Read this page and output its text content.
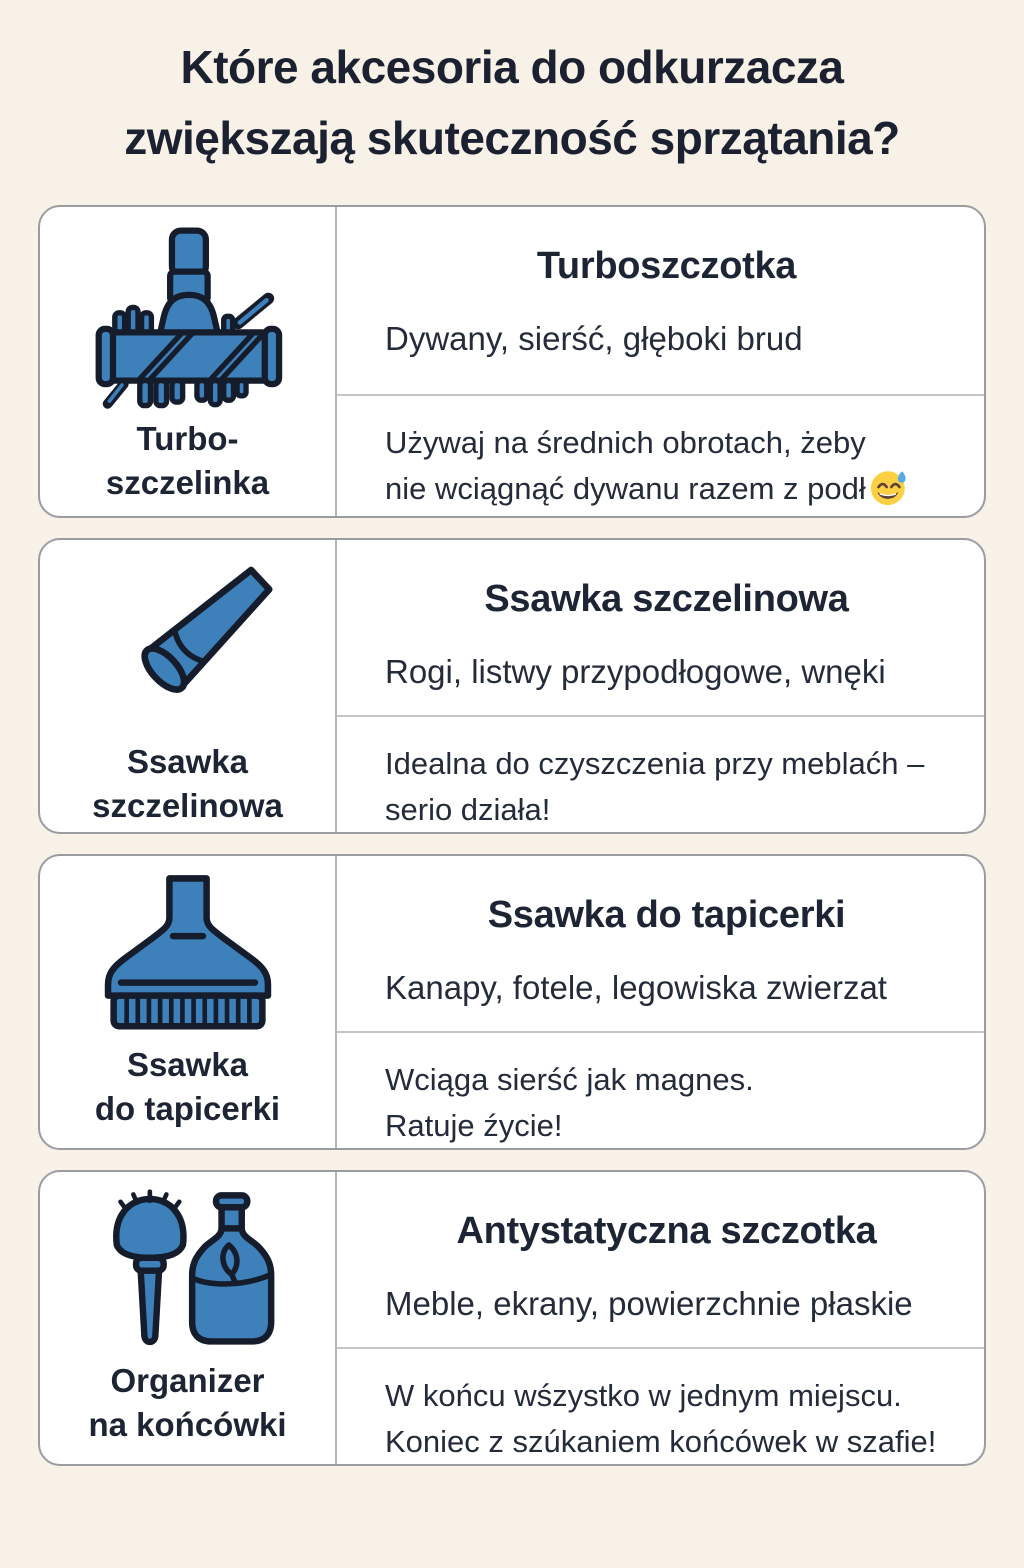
Które akcesoria do odkurzacza
zwiększają skuteczność sprzątania?
Turbo-
szczelinka
Turboszczotka
Dywany, sierść, głęboki brud
Używaj na średnich obrotach, żeby
nie wciągnąć dywanu razem z podł
Ssawka
szczelinowa
Ssawka szczelinowa
Rogi, listwy przypodłogowe, wnęki
Idealna do czyszczenia przy meblaćh –
serio działa!
Ssawka
do tapicerki
Ssawka do tapicerki
Kanapy, fotele, legowiska zwierzat
Wciąga sierść jak magnes.
Ratuje źycie!
Organizer
na końcówki
Antystatyczna szczotka
Meble, ekrany, powierzchnie płaskie
W końcu wśzystko w jednym miejscu.
Koniec z szúkaniem końcówek w szafie!
